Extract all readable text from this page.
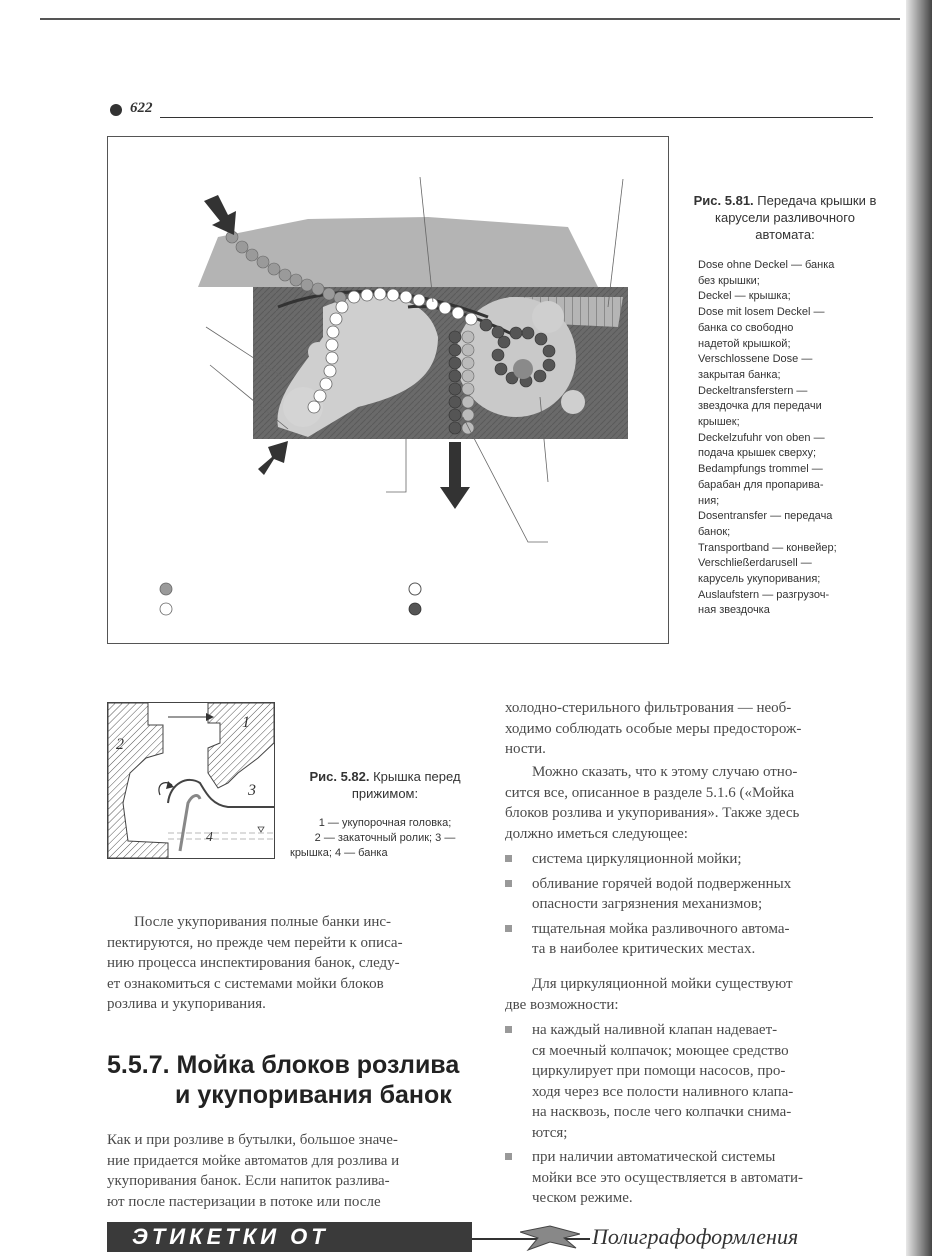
622
Рис. 5.81. Передача крышки в карусели разливочного автомата:
Dose ohne Deckel — банка
без крышки;
Deckel — крышка;
Dose mit losem Deckel —
банка со свободно
надетой крышкой;
Verschlossene Dose —
закрытая банка;
Deckeltransferstern —
звездочка для передачи
крышек;
Deckelzufuhr von oben —
подача крышек сверху;
Bedampfungs trommel —
барабан для пропарива-
ния;
Dosentransfer — передача
банок;
Transportband — конвейер;
Verschließerdarusell —
карусель укупоривания;
Auslaufstern — разгрузоч-
ная звездочка
1
2
3
4
Рис. 5.82. Крышка перед прижимом:
1 — укупорочная головка;
2 — закаточный ролик; 3 —
крышка; 4 — банка
холодно-стерильного фильтрования — необ-
ходимо соблюдать особые меры предосторож-
ности.
Можно сказать, что к этому случаю отно-
сится все, описанное в разделе 5.1.6 («Мойка
блоков розлива и укупоривания». Также здесь
должно иметься следующее:
система циркуляционной мойки;
обливание горячей водой подверженных
опасности загрязнения механизмов;
тщательная мойка разливочного автома-
та в наиболее критических местах.
Для циркуляционной мойки существуют
две возможности:
на каждый наливной клапан надевает-
ся моечный колпачок; моющее средство
циркулирует при помощи насосов, про-
ходя через все полости наливного клапа-
на насквозь, после чего колпачки снима-
ются;
при наличии автоматической системы
мойки все это осуществляется в автомати-
ческом режиме.
После укупоривания полные банки инс-
пектируются, но прежде чем перейти к описа-
нию процесса инспектирования банок, следу-
ет ознакомиться с системами мойки блоков
розлива и укупоривания.
5.5.7. Мойка блоков розлива
и укупоривания банок
Как и при розливе в бутылки, большое значе-
ние придается мойке автоматов для розлива и
укупоривания банок. Если напиток разлива-
ют после пастеризации в потоке или после
ЭТИКЕТКИ ОТ	Полиграфоформления
